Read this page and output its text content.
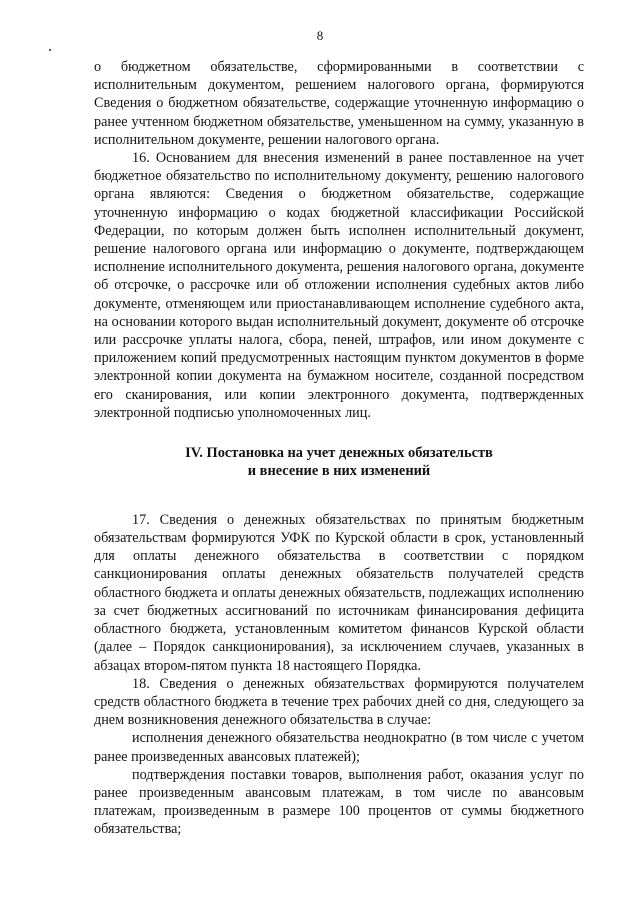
8

о бюджетном обязательстве, сформированными в соответствии с исполнительным документом, решением налогового органа, формируются Сведения о бюджетном обязательстве, содержащие уточненную информацию о ранее учтенном бюджетном обязательстве, уменьшенном на сумму, указанную в исполнительном документе, решении налогового органа.

16. Основанием для внесения изменений в ранее поставленное на учет бюджетное обязательство по исполнительному документу, решению налогового органа являются: Сведения о бюджетном обязательстве, содержащие уточненную информацию о кодах бюджетной классификации Российской Федерации, по которым должен быть исполнен исполнительный документ, решение налогового органа или информацию о документе, подтверждающем исполнение исполнительного документа, решения налогового органа, документе об отсрочке, о рассрочке или об отложении исполнения судебных актов либо документе, отменяющем или приостанавливающем исполнение судебного акта, на основании которого выдан исполнительный документ, документе об отсрочке или рассрочке уплаты налога, сбора, пеней, штрафов, или ином документе с приложением копий предусмотренных настоящим пунктом документов в форме электронной копии документа на бумажном носителе, созданной посредством его сканирования, или копии электронного документа, подтвержденных электронной подписью уполномоченных лиц.

IV. Постановка на учет денежных обязательств
и внесение в них изменений

17. Сведения о денежных обязательствах по принятым бюджетным обязательствам формируются УФК по Курской области в срок, установленный для оплаты денежного обязательства в соответствии с порядком санкционирования оплаты денежных обязательств получателей средств областного бюджета и оплаты денежных обязательств, подлежащих исполнению за счет бюджетных ассигнований по источникам финансирования дефицита областного бюджета, установленным комитетом финансов Курской области (далее – Порядок санкционирования), за исключением случаев, указанных в абзацах втором-пятом пункта 18 настоящего Порядка.

18. Сведения о денежных обязательствах формируются получателем средств областного бюджета в течение трех рабочих дней со дня, следующего за днем возникновения денежного обязательства в случае:

исполнения денежного обязательства неоднократно (в том числе с учетом ранее произведенных авансовых платежей);

подтверждения поставки товаров, выполнения работ, оказания услуг по ранее произведенным авансовым платежам, в том числе по авансовым платежам, произведенным в размере 100 процентов от суммы бюджетного обязательства;
